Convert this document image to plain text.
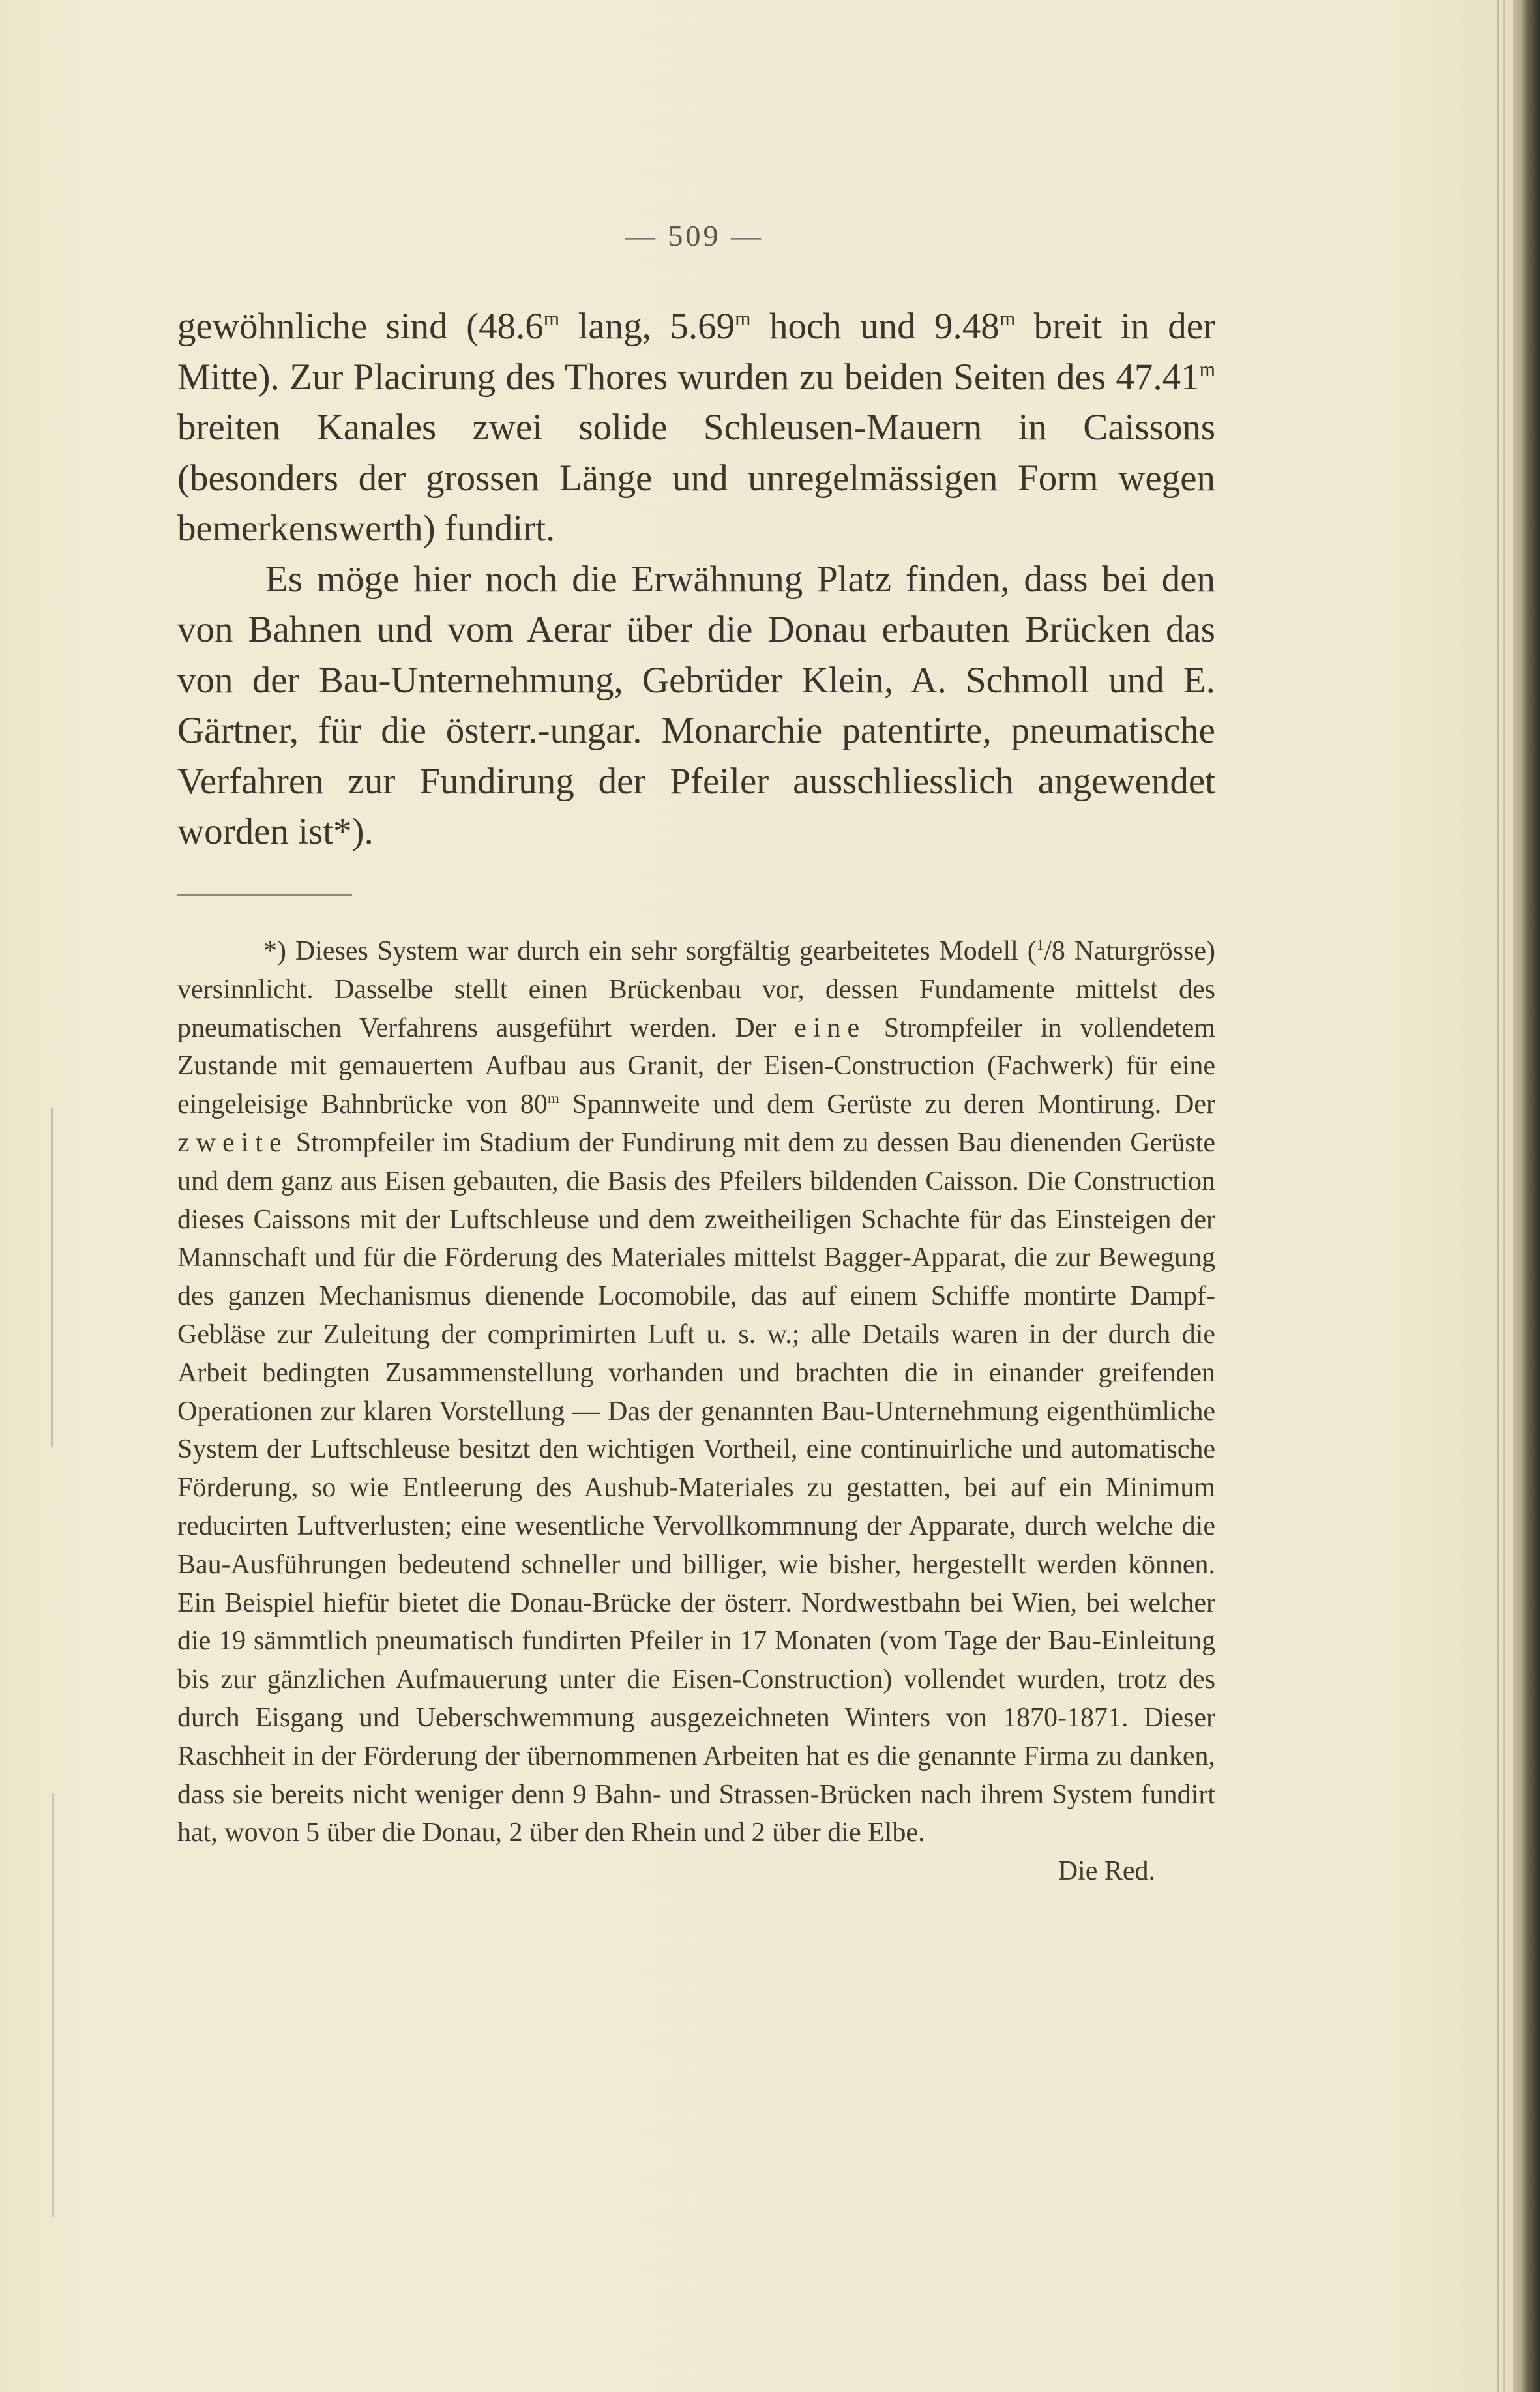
— 509 —

gewöhnliche sind (48.6$^m$ lang, 5.69$^m$ hoch und 9.48$^m$ breit in der Mitte). Zur Placirung des Thores wurden zu beiden Seiten des 47.41$^m$ breiten Kanales zwei solide Schleusen-Mauern in Caissons (besonders der grossen Länge und unregelmässigen Form wegen bemerkenswerth) fundirt.

Es möge hier noch die Erwähnung Platz finden, dass bei den von Bahnen und vom Aerar über die Donau erbauten Brücken das von der Bau-Unternehmung, Gebrüder Klein, A. Schmoll und E. Gärtner, für die österr.-ungar. Monarchie patentirte, pneumatische Verfahren zur Fundirung der Pfeiler ausschliesslich angewendet worden ist*).

*) Dieses System war durch ein sehr sorgfältig gearbeitetes Modell ($^1$/8 Naturgrösse) versinnlicht. Dasselbe stellt einen Brückenbau vor, dessen Fundamente mittelst des pneumatischen Verfahrens ausgeführt werden. Der eine Strompfeiler in vollendetem Zustande mit gemauertem Aufbau aus Granit, der Eisen-Construction (Fachwerk) für eine eingeleisige Bahnbrücke von 80$^m$ Spannweite und dem Gerüste zu deren Montirung. Der zweite Strompfeiler im Stadium der Fundirung mit dem zu dessen Bau dienenden Gerüste und dem ganz aus Eisen gebauten, die Basis des Pfeilers bildenden Caisson. Die Construction dieses Caissons mit der Luftschleuse und dem zweitheiligen Schachte für das Einsteigen der Mannschaft und für die Förderung des Materiales mittelst Bagger-Apparat, die zur Bewegung des ganzen Mechanismus dienende Locomobile, das auf einem Schiffe montirte Dampf-Gebläse zur Zuleitung der comprimirten Luft u. s. w.; alle Details waren in der durch die Arbeit bedingten Zusammenstellung vorhanden und brachten die in einander greifenden Operationen zur klaren Vorstellung — Das der genannten Bau-Unternehmung eigenthümliche System der Luftschleuse besitzt den wichtigen Vortheil, eine continuirliche und automatische Förderung, so wie Entleerung des Aushub-Materiales zu gestatten, bei auf ein Minimum reducirten Luftverlusten; eine wesentliche Vervollkommnung der Apparate, durch welche die Bau-Ausführungen bedeutend schneller und billiger, wie bisher, hergestellt werden können. Ein Beispiel hiefür bietet die Donau-Brücke der österr. Nordwestbahn bei Wien, bei welcher die 19 sämmtlich pneumatisch fundirten Pfeiler in 17 Monaten (vom Tage der Bau-Einleitung bis zur gänzlichen Aufmauerung unter die Eisen-Construction) vollendet wurden, trotz des durch Eisgang und Ueberschwemmung ausgezeichneten Winters von 1870-1871. Dieser Raschheit in der Förderung der übernommenen Arbeiten hat es die genannte Firma zu danken, dass sie bereits nicht weniger denn 9 Bahn- und Strassen-Brücken nach ihrem System fundirt hat, wovon 5 über die Donau, 2 über den Rhein und 2 über die Elbe.

Die Red.
